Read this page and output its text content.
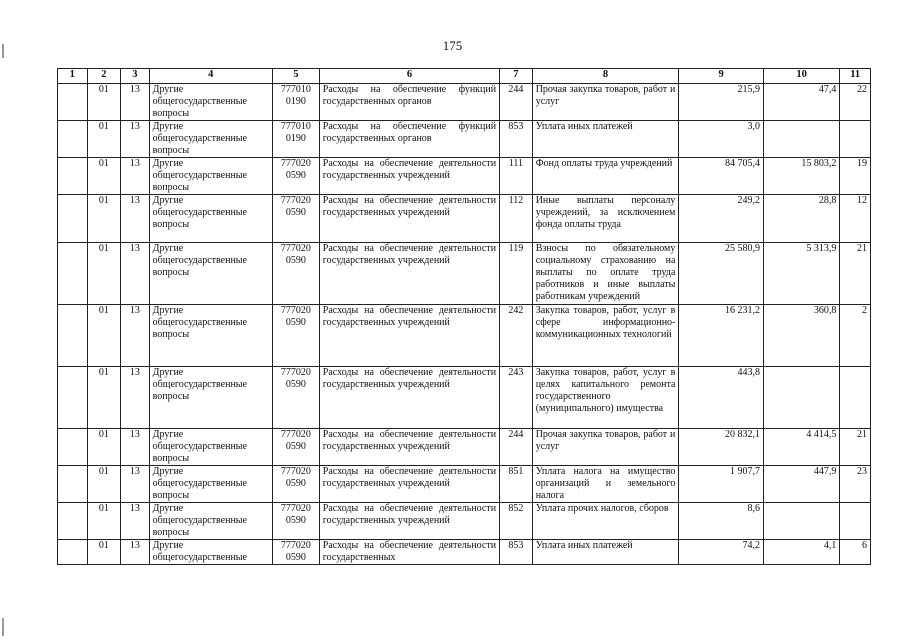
175
1	2	3	4	5	6	7	8	9	10	11
	01	13	Другие общегосударственные вопросы	777010 0190	Расходы на обеспечение функций государственных органов	244	Прочая закупка товаров, работ и услуг	215,9	47,4	22
	01	13	Другие общегосударственные вопросы	777010 0190	Расходы на обеспечение функций государственных органов	853	Уплата иных платежей	3,0		
	01	13	Другие общегосударственные вопросы	777020 0590	Расходы на обеспечение деятельности государственных учреждений	111	Фонд оплаты труда учреждений	84 705,4	15 803,2	19
	01	13	Другие общегосударственные вопросы	777020 0590	Расходы на обеспечение деятельности государственных учреждений	112	Иные выплаты персоналу учреждений, за исключением фонда оплаты труда	249,2	28,8	12
	01	13	Другие общегосударственные вопросы	777020 0590	Расходы на обеспечение деятельности государственных учреждений	119	Взносы по обязательному социальному страхованию на выплаты по оплате труда работников и иные выплаты работникам учреждений	25 580,9	5 313,9	21
	01	13	Другие общегосударственные вопросы	777020 0590	Расходы на обеспечение деятельности государственных учреждений	242	Закупка товаров, работ, услуг в сфере информационно-коммуникационных технологий	16 231,2	360,8	2
	01	13	Другие общегосударственные вопросы	777020 0590	Расходы на обеспечение деятельности государственных учреждений	243	Закупка товаров, работ, услуг в целях капитального ремонта государственного (муниципального) имущества	443,8		
	01	13	Другие общегосударственные вопросы	777020 0590	Расходы на обеспечение деятельности государственных учреждений	244	Прочая закупка товаров, работ и услуг	20 832,1	4 414,5	21
	01	13	Другие общегосударственные вопросы	777020 0590	Расходы на обеспечение деятельности государственных учреждений	851	Уплата налога на имущество организаций и земельного налога	1 907,7	447,9	23
	01	13	Другие общегосударственные вопросы	777020 0590	Расходы на обеспечение деятельности государственных учреждений	852	Уплата прочих налогов, сборов	8,6		
	01	13	Другие общегосударственные	777020 0590	Расходы на обеспечение деятельности государственных	853	Уплата иных платежей	74,2	4,1	6
